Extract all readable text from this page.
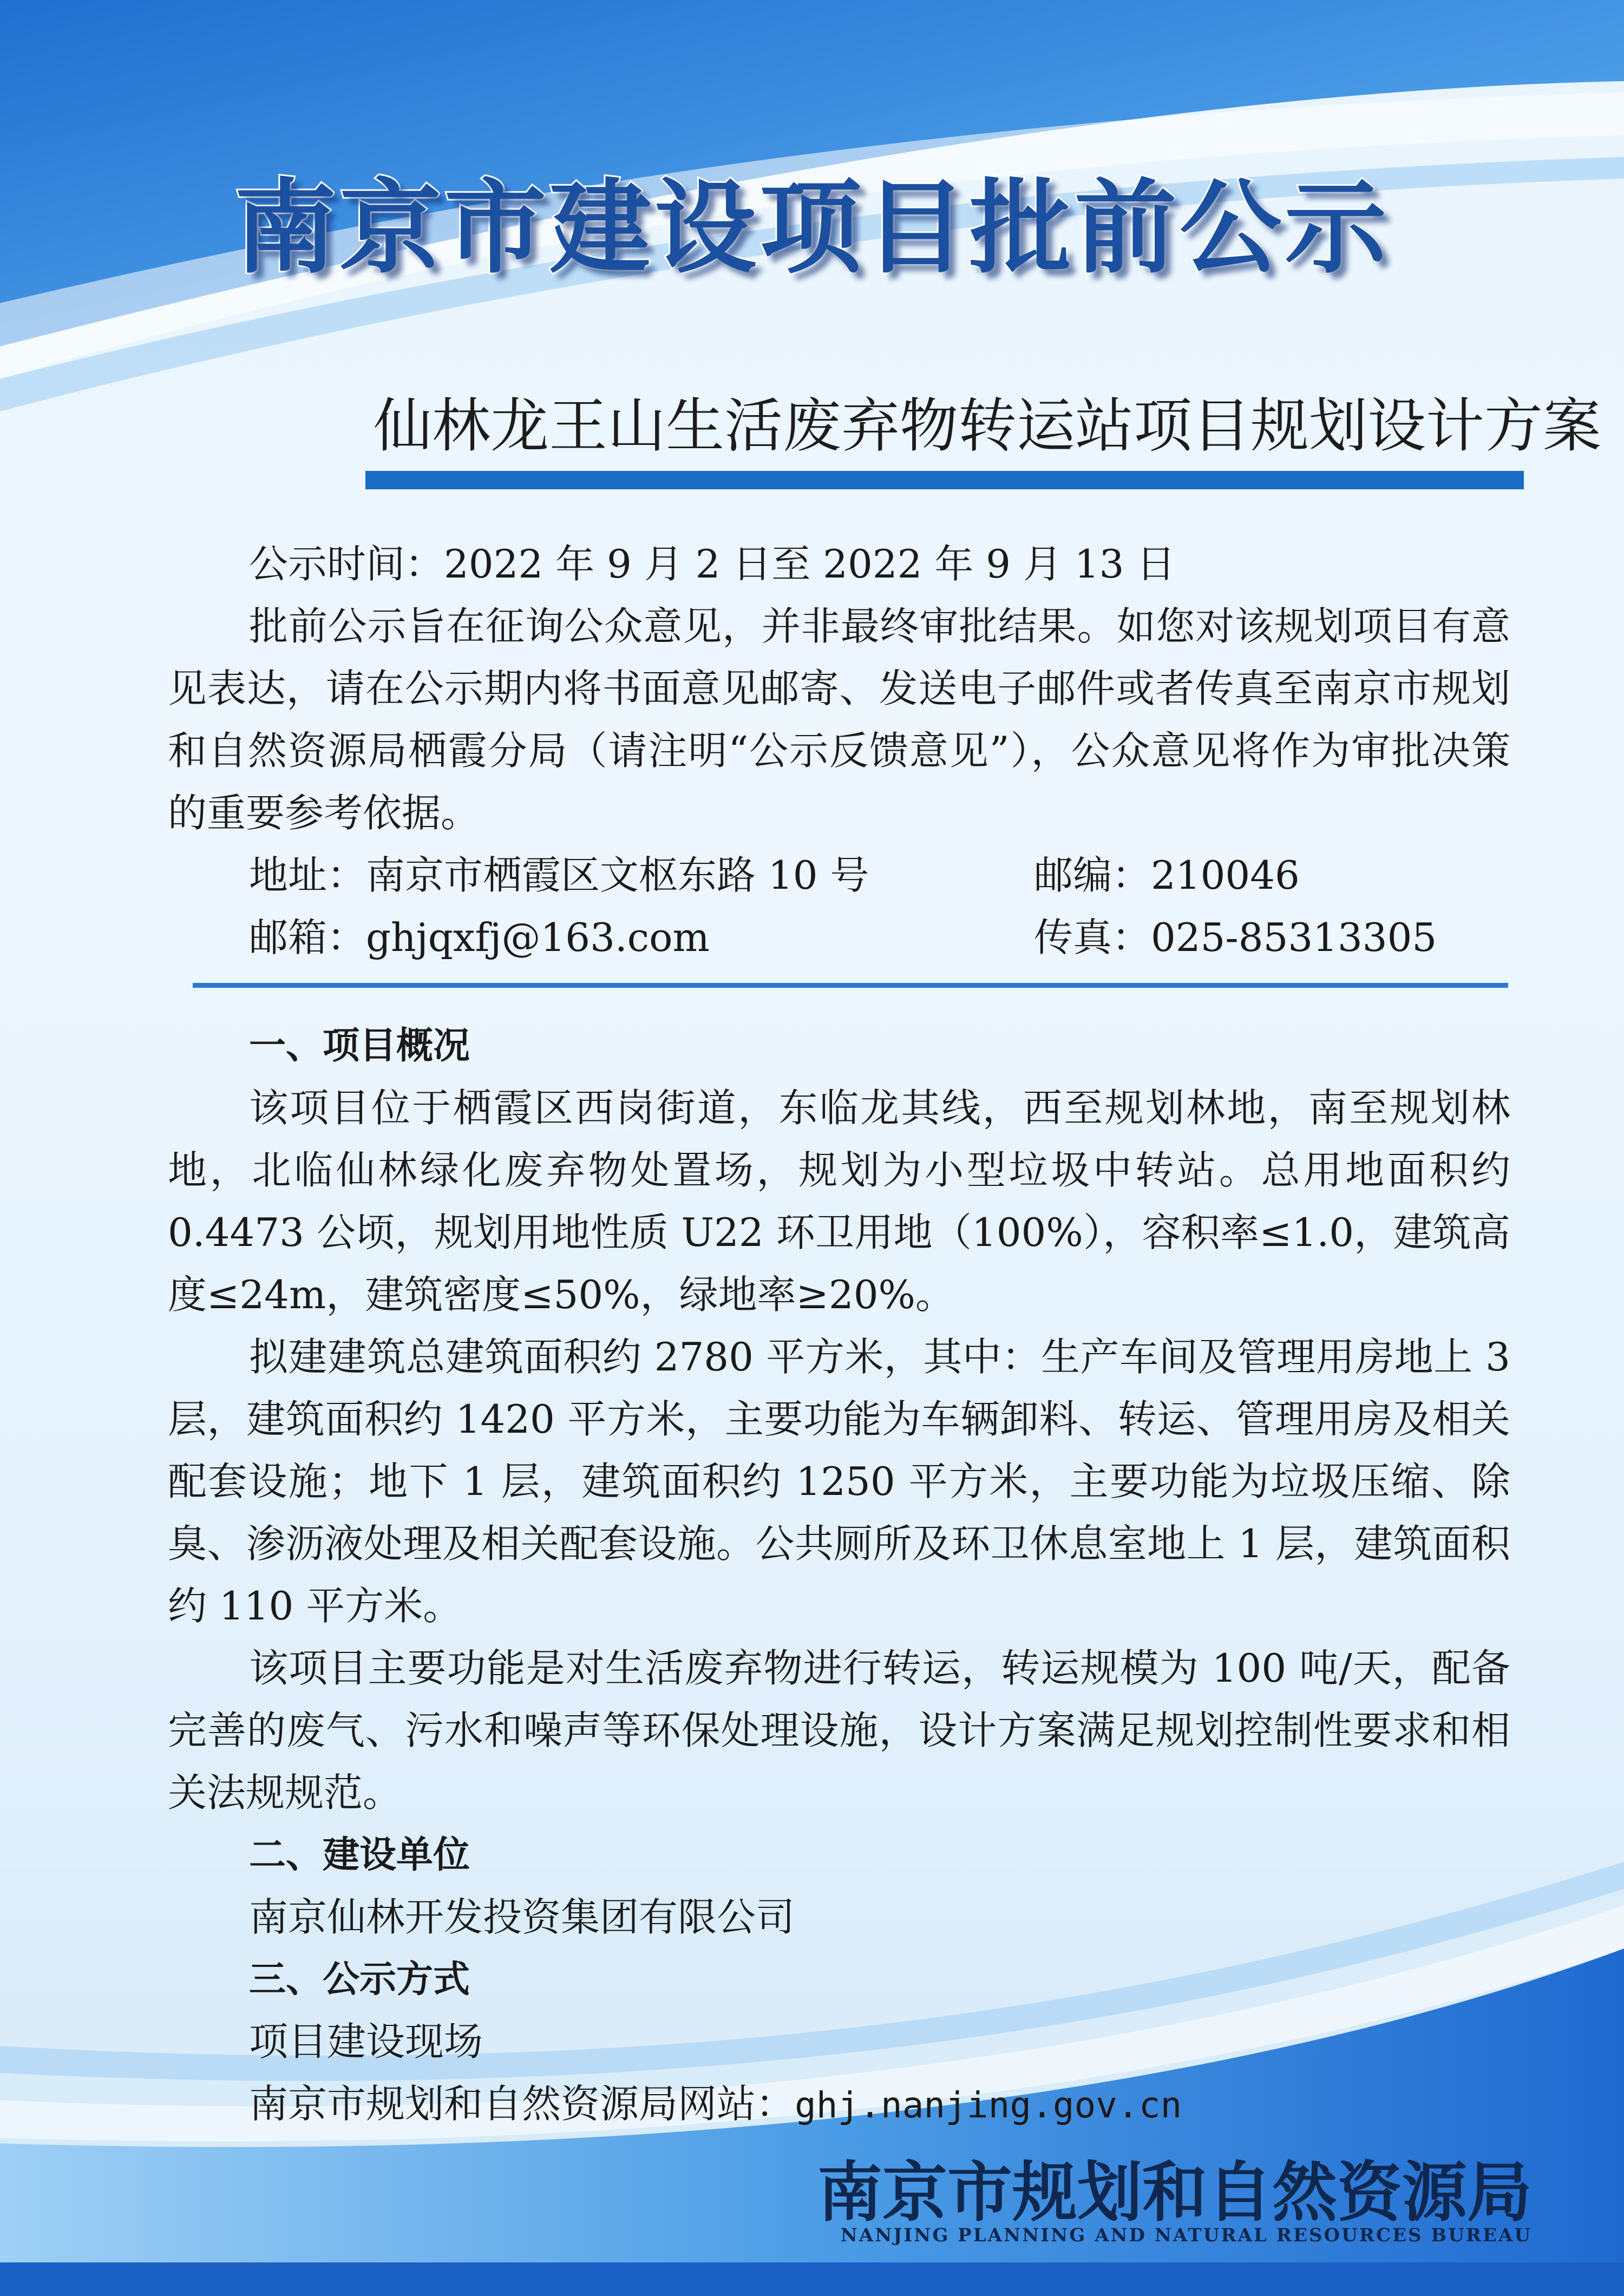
南京市建设项目批前公示
仙林龙王山生活废弃物转运站项目规划设计方案

公示时间：2022 年 9 月 2 日至 2022 年 9 月 13 日

批前公示旨在征询公众意见，并非最终审批结果。如您对该规划项目有意见表达，请在公示期内将书面意见邮寄、发送电子邮件或者传真至南京市规划和自然资源局栖霞分局（请注明“公示反馈意见”），公众意见将作为审批决策的重要参考依据。

地址：南京市栖霞区文枢东路 10 号	邮编：210046
邮箱：ghjqxfj@163.com	传真：025-85313305

一、项目概况

该项目位于栖霞区西岗街道，东临龙其线，西至规划林地，南至规划林地，北临仙林绿化废弃物处置场，规划为小型垃圾中转站。总用地面积约 0.4473 公顷，规划用地性质 U22 环卫用地（100%），容积率≤1.0，建筑高度≤24m，建筑密度≤50%，绿地率≥20%。

拟建建筑总建筑面积约 2780 平方米，其中：生产车间及管理用房地上 3 层，建筑面积约 1420 平方米，主要功能为车辆卸料、转运、管理用房及相关配套设施；地下 1 层，建筑面积约 1250 平方米，主要功能为垃圾压缩、除臭、渗沥液处理及相关配套设施。公共厕所及环卫休息室地上 1 层，建筑面积约 110 平方米。

该项目主要功能是对生活废弃物进行转运，转运规模为 100 吨/天，配备完善的废气、污水和噪声等环保处理设施，设计方案满足规划控制性要求和相关法规规范。

二、建设单位

南京仙林开发投资集团有限公司

三、公示方式

项目建设现场

南京市规划和自然资源局网站：ghj.nanjing.gov.cn

南京市规划和自然资源局
NANJING PLANNING AND NATURAL RESOURCES BUREAU
